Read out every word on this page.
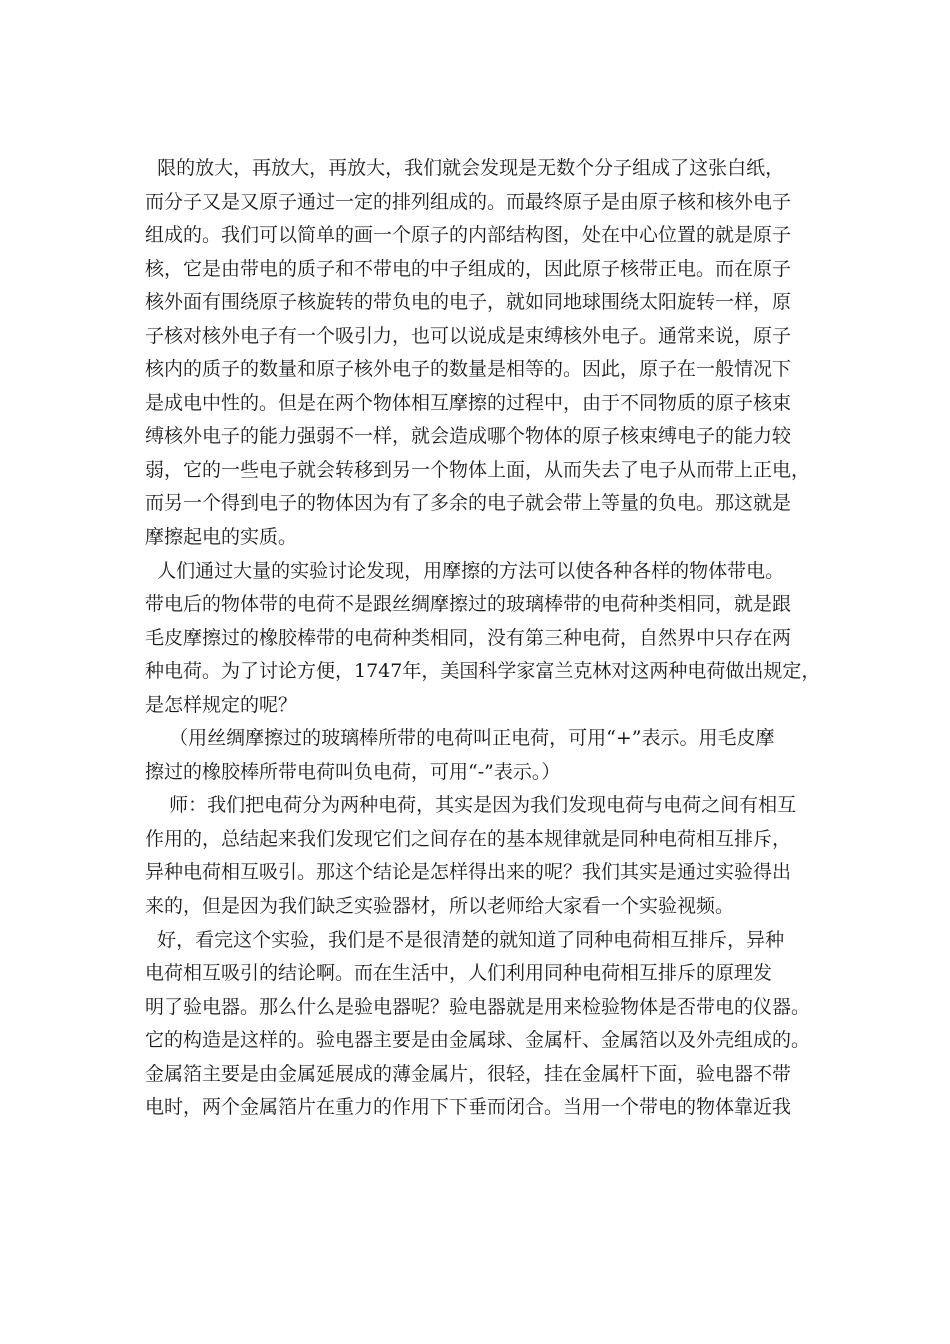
限的放大，再放大，再放大，我们就会发现是无数个分子组成了这张白纸，
而分子又是又原子通过一定的排列组成的。而最终原子是由原子核和核外电子
组成的。我们可以简单的画一个原子的内部结构图，处在中心位置的就是原子
核，它是由带电的质子和不带电的中子组成的，因此原子核带正电。而在原子
核外面有围绕原子核旋转的带负电的电子，就如同地球围绕太阳旋转一样，原
子核对核外电子有一个吸引力，也可以说成是束缚核外电子。通常来说，原子
核内的质子的数量和原子核外电子的数量是相等的。因此，原子在一般情况下
是成电中性的。但是在两个物体相互摩擦的过程中，由于不同物质的原子核束
缚核外电子的能力强弱不一样，就会造成哪个物体的原子核束缚电子的能力较
弱，它的一些电子就会转移到另一个物体上面，从而失去了电子从而带上正电，
而另一个得到电子的物体因为有了多余的电子就会带上等量的负电。那这就是
摩擦起电的实质。
人们通过大量的实验讨论发现，用摩擦的方法可以使各种各样的物体带电。
带电后的物体带的电荷不是跟丝绸摩擦过的玻璃棒带的电荷种类相同，就是跟
毛皮摩擦过的橡胶棒带的电荷种类相同，没有第三种电荷，自然界中只存在两
种电荷。为了讨论方便，1747年，美国科学家富兰克林对这两种电荷做出规定，
是怎样规定的呢？
（用丝绸摩擦过的玻璃棒所带的电荷叫正电荷，可用“+”表示。用毛皮摩
擦过的橡胶棒所带电荷叫负电荷，可用“-”表示。）
师：我们把电荷分为两种电荷，其实是因为我们发现电荷与电荷之间有相互
作用的，总结起来我们发现它们之间存在的基本规律就是同种电荷相互排斥，
异种电荷相互吸引。那这个结论是怎样得出来的呢？我们其实是通过实验得出
来的，但是因为我们缺乏实验器材，所以老师给大家看一个实验视频。
好，看完这个实验，我们是不是很清楚的就知道了同种电荷相互排斥，异种
电荷相互吸引的结论啊。而在生活中，人们利用同种电荷相互排斥的原理发
明了验电器。那么什么是验电器呢？验电器就是用来检验物体是否带电的仪器。
它的构造是这样的。验电器主要是由金属球、金属杆、金属箔以及外壳组成的。
金属箔主要是由金属延展成的薄金属片，很轻，挂在金属杆下面，验电器不带
电时，两个金属箔片在重力的作用下下垂而闭合。当用一个带电的物体靠近我
